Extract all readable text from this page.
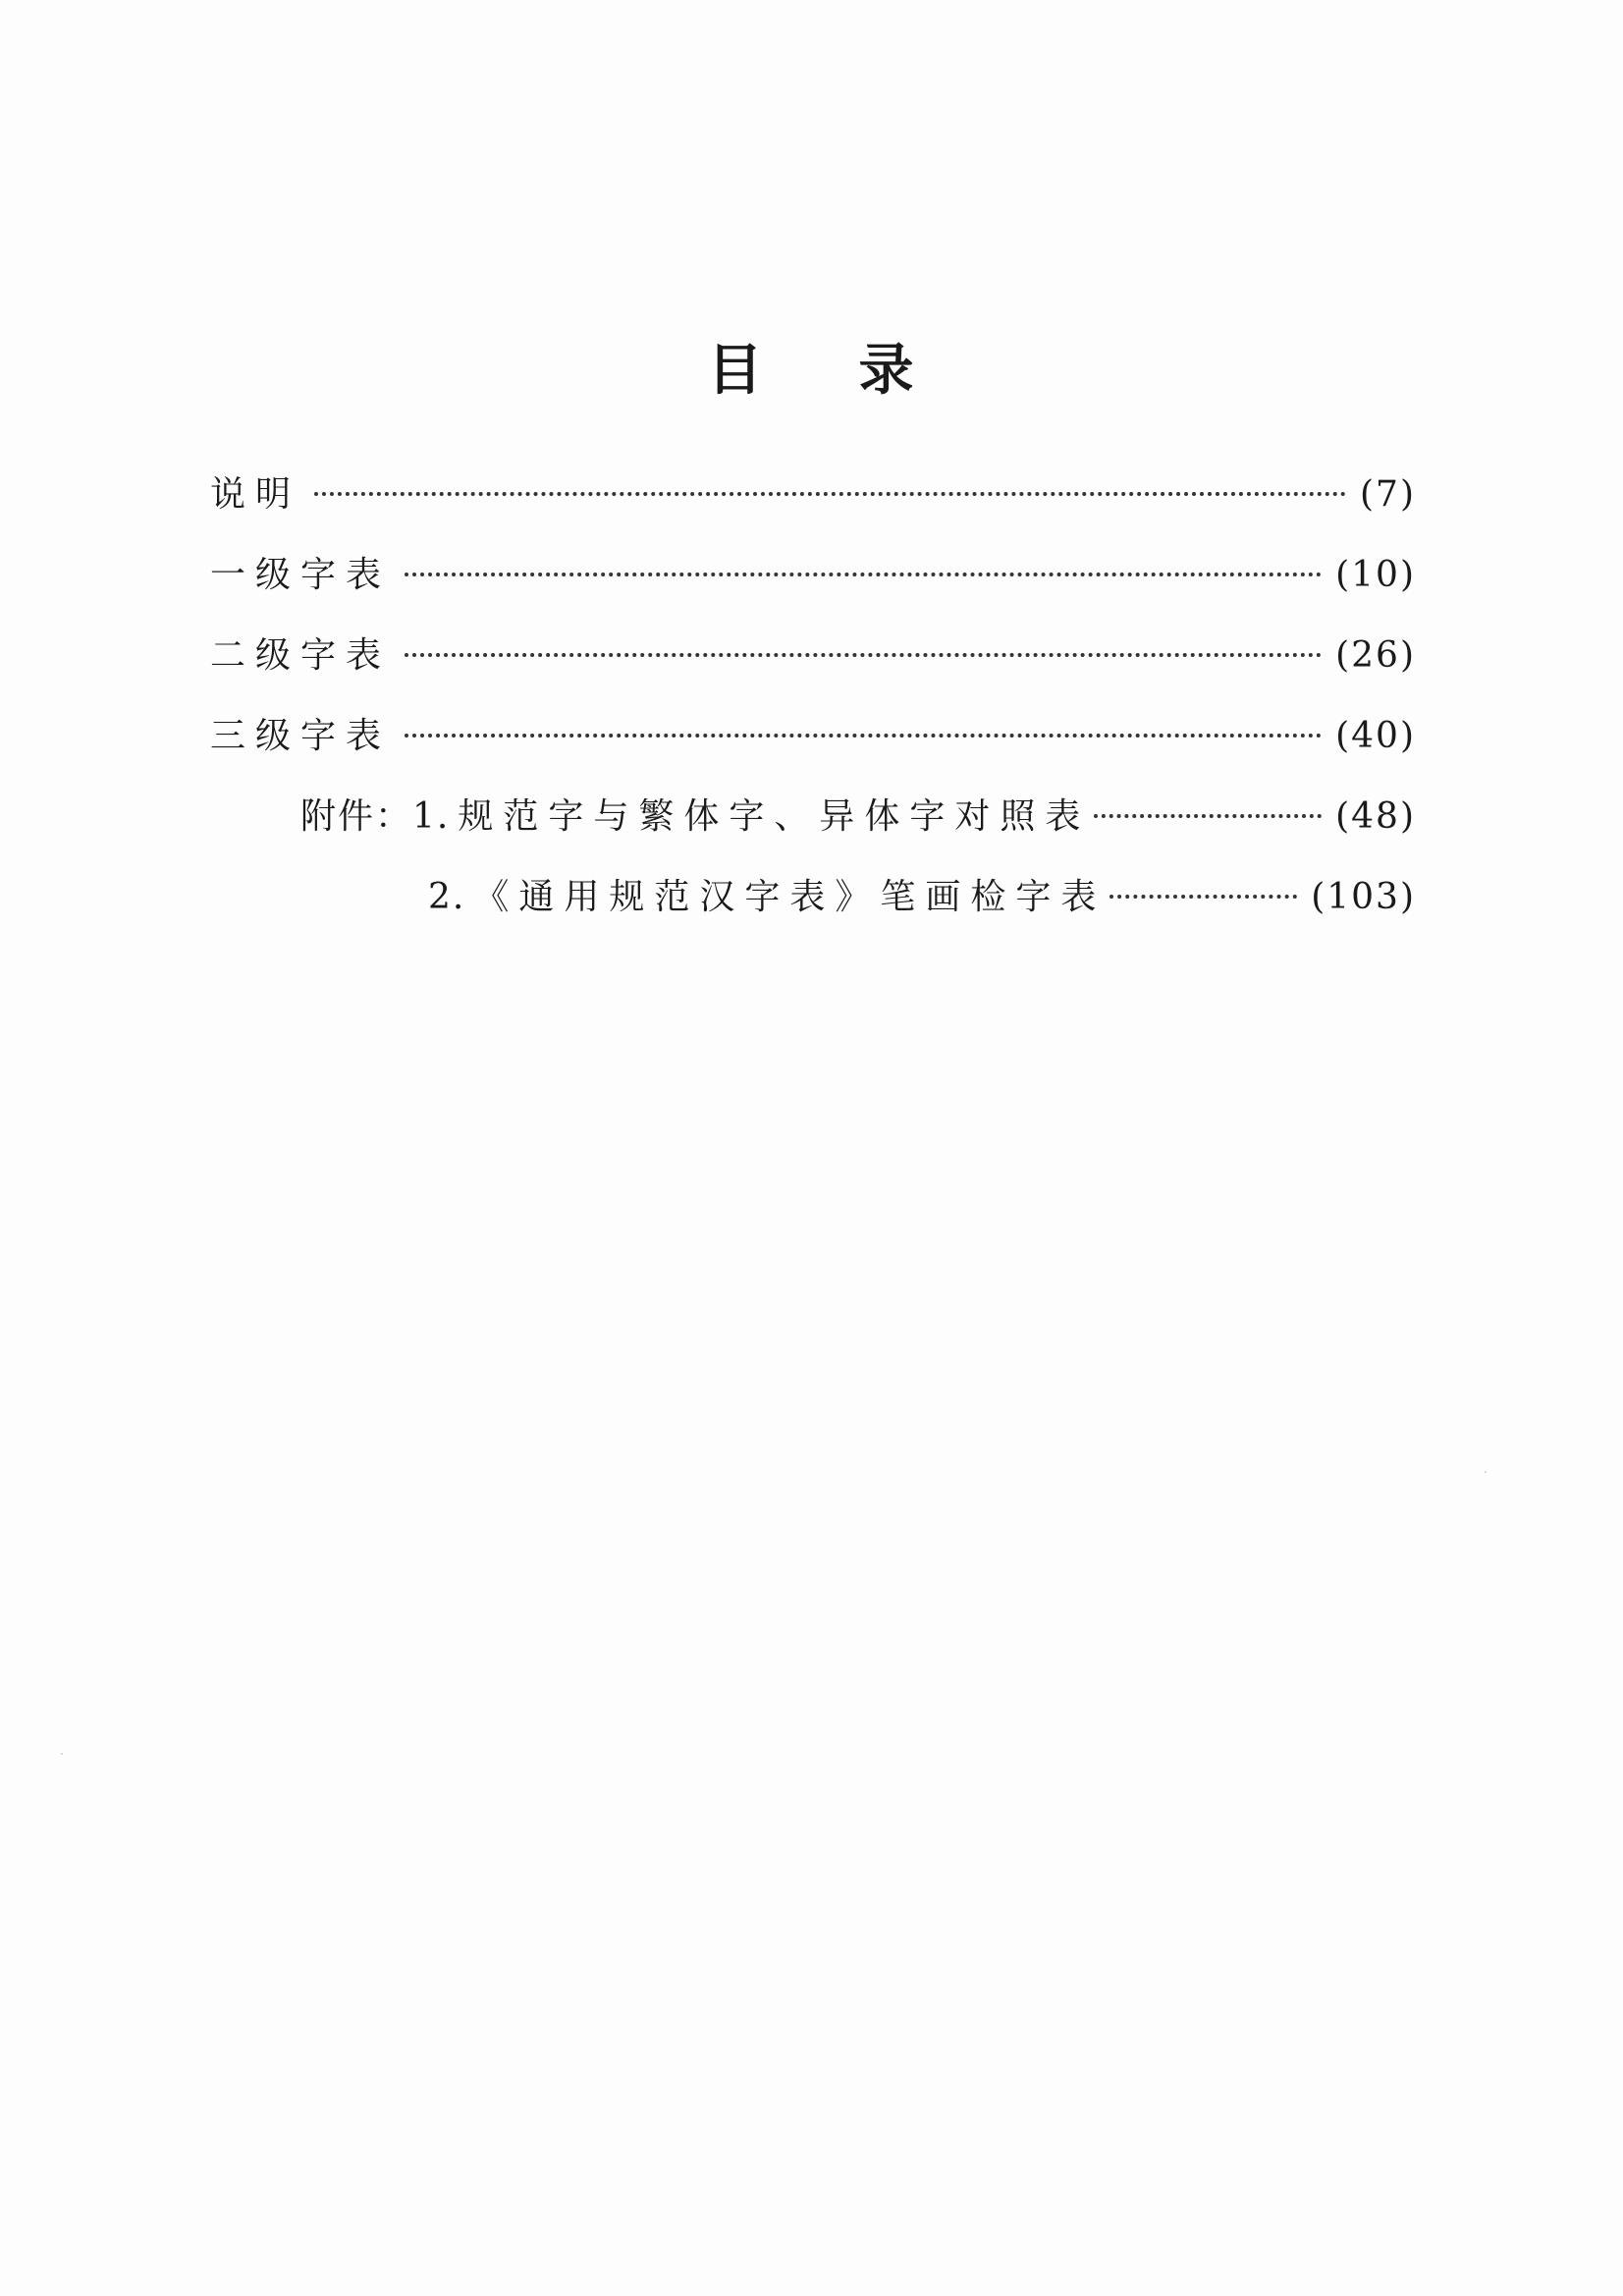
目 录
说明	(7)
一级字表	(10)
二级字表	(26)
三级字表	(40)
附件：1. 规范字与繁体字、异体字对照表	(48)
2. 《通用规范汉字表》笔画检字表	(103)
